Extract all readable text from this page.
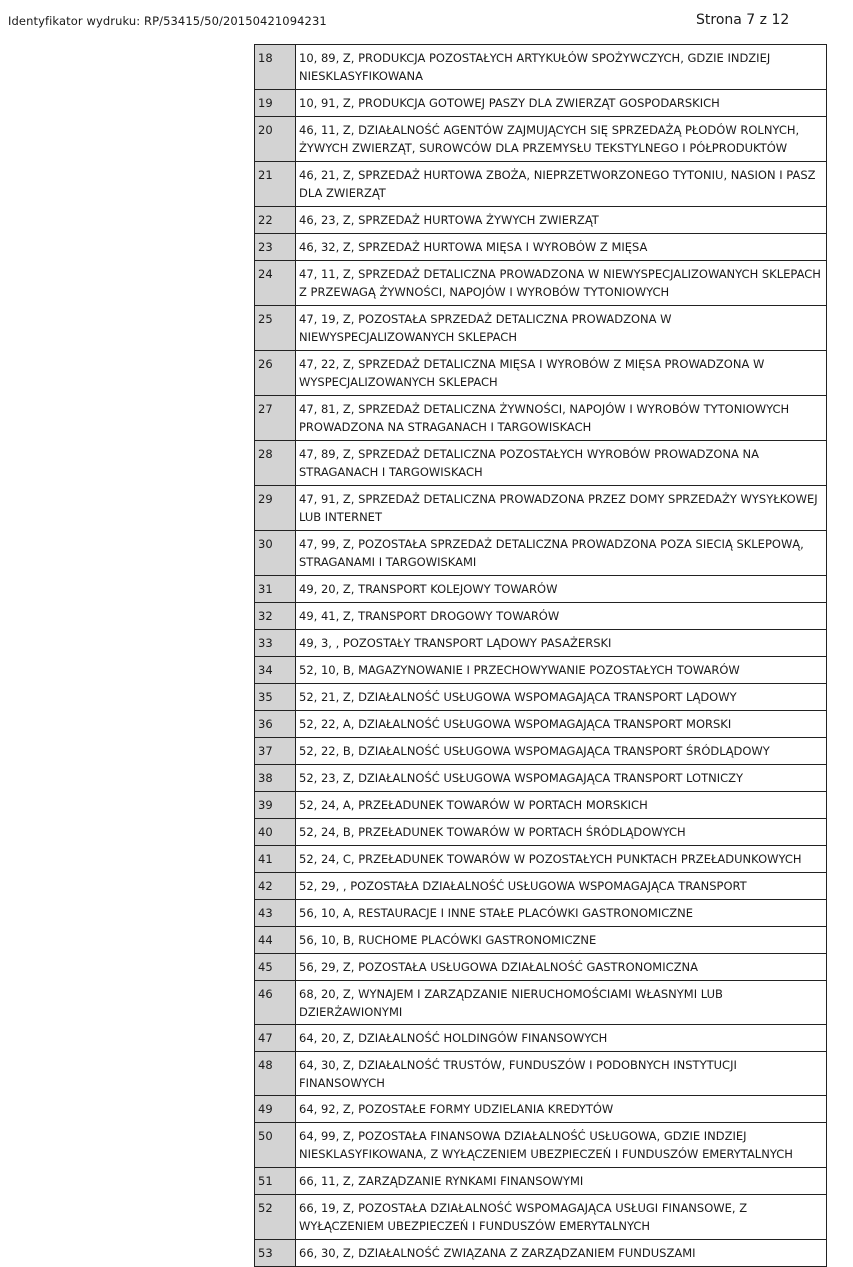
Identyfikator wydruku: RP/53415/50/20150421094231	Strona 7 z 12
18	10, 89, Z, PRODUKCJA POZOSTAŁYCH ARTYKUŁÓW SPOŻYWCZYCH, GDZIE INDZIEJ NIESKLASYFIKOWANA
19	10, 91, Z, PRODUKCJA GOTOWEJ PASZY DLA ZWIERZĄT GOSPODARSKICH
20	46, 11, Z, DZIAŁALNOŚĆ AGENTÓW ZAJMUJĄCYCH SIĘ SPRZEDAŻĄ PŁODÓW ROLNYCH, ŻYWYCH ZWIERZĄT, SUROWCÓW DLA PRZEMYSŁU TEKSTYLNEGO I PÓŁPRODUKTÓW
21	46, 21, Z, SPRZEDAŻ HURTOWA ZBOŻA, NIEPRZETWORZONEGO TYTONIU, NASION I PASZ DLA ZWIERZĄT
22	46, 23, Z, SPRZEDAŻ HURTOWA ŻYWYCH ZWIERZĄT
23	46, 32, Z, SPRZEDAŻ HURTOWA MIĘSA I WYROBÓW Z MIĘSA
24	47, 11, Z, SPRZEDAŻ DETALICZNA PROWADZONA W NIEWYSPECJALIZOWANYCH SKLEPACH Z PRZEWAGĄ ŻYWNOŚCI, NAPOJÓW I WYROBÓW TYTONIOWYCH
25	47, 19, Z, POZOSTAŁA SPRZEDAŻ DETALICZNA PROWADZONA W NIEWYSPECJALIZOWANYCH SKLEPACH
26	47, 22, Z, SPRZEDAŻ DETALICZNA MIĘSA I WYROBÓW Z MIĘSA PROWADZONA W WYSPECJALIZOWANYCH SKLEPACH
27	47, 81, Z, SPRZEDAŻ DETALICZNA ŻYWNOŚCI, NAPOJÓW I WYROBÓW TYTONIOWYCH PROWADZONA NA STRAGANACH I TARGOWISKACH
28	47, 89, Z, SPRZEDAŻ DETALICZNA POZOSTAŁYCH WYROBÓW PROWADZONA NA STRAGANACH I TARGOWISKACH
29	47, 91, Z, SPRZEDAŻ DETALICZNA PROWADZONA PRZEZ DOMY SPRZEDAŻY WYSYŁKOWEJ LUB INTERNET
30	47, 99, Z, POZOSTAŁA SPRZEDAŻ DETALICZNA PROWADZONA POZA SIECIĄ SKLEPOWĄ, STRAGANAMI I TARGOWISKAMI
31	49, 20, Z, TRANSPORT KOLEJOWY TOWARÓW
32	49, 41, Z, TRANSPORT DROGOWY TOWARÓW
33	49, 3, , POZOSTAŁY TRANSPORT LĄDOWY PASAŻERSKI
34	52, 10, B, MAGAZYNOWANIE I PRZECHOWYWANIE POZOSTAŁYCH TOWARÓW
35	52, 21, Z, DZIAŁALNOŚĆ USŁUGOWA WSPOMAGAJĄCA TRANSPORT LĄDOWY
36	52, 22, A, DZIAŁALNOŚĆ USŁUGOWA WSPOMAGAJĄCA TRANSPORT MORSKI
37	52, 22, B, DZIAŁALNOŚĆ USŁUGOWA WSPOMAGAJĄCA TRANSPORT ŚRÓDLĄDOWY
38	52, 23, Z, DZIAŁALNOŚĆ USŁUGOWA WSPOMAGAJĄCA TRANSPORT LOTNICZY
39	52, 24, A, PRZEŁADUNEK TOWARÓW W PORTACH MORSKICH
40	52, 24, B, PRZEŁADUNEK TOWARÓW W PORTACH ŚRÓDLĄDOWYCH
41	52, 24, C, PRZEŁADUNEK TOWARÓW W POZOSTAŁYCH PUNKTACH PRZEŁADUNKOWYCH
42	52, 29, , POZOSTAŁA DZIAŁALNOŚĆ USŁUGOWA WSPOMAGAJĄCA TRANSPORT
43	56, 10, A, RESTAURACJE I INNE STAŁE PLACÓWKI GASTRONOMICZNE
44	56, 10, B, RUCHOME PLACÓWKI GASTRONOMICZNE
45	56, 29, Z, POZOSTAŁA USŁUGOWA DZIAŁALNOŚĆ GASTRONOMICZNA
46	68, 20, Z, WYNAJEM I ZARZĄDZANIE NIERUCHOMOŚCIAMI WŁASNYMI LUB DZIERŻAWIONYMI
47	64, 20, Z, DZIAŁALNOŚĆ HOLDINGÓW FINANSOWYCH
48	64, 30, Z, DZIAŁALNOŚĆ TRUSTÓW, FUNDUSZÓW I PODOBNYCH INSTYTUCJI FINANSOWYCH
49	64, 92, Z, POZOSTAŁE FORMY UDZIELANIA KREDYTÓW
50	64, 99, Z, POZOSTAŁA FINANSOWA DZIAŁALNOŚĆ USŁUGOWA, GDZIE INDZIEJ NIESKLASYFIKOWANA, Z WYŁĄCZENIEM UBEZPIECZEŃ I FUNDUSZÓW EMERYTALNYCH
51	66, 11, Z, ZARZĄDZANIE RYNKAMI FINANSOWYMI
52	66, 19, Z, POZOSTAŁA DZIAŁALNOŚĆ WSPOMAGAJĄCA USŁUGI FINANSOWE, Z WYŁĄCZENIEM UBEZPIECZEŃ I FUNDUSZÓW EMERYTALNYCH
53	66, 30, Z, DZIAŁALNOŚĆ ZWIĄZANA Z ZARZĄDZANIEM FUNDUSZAMI
